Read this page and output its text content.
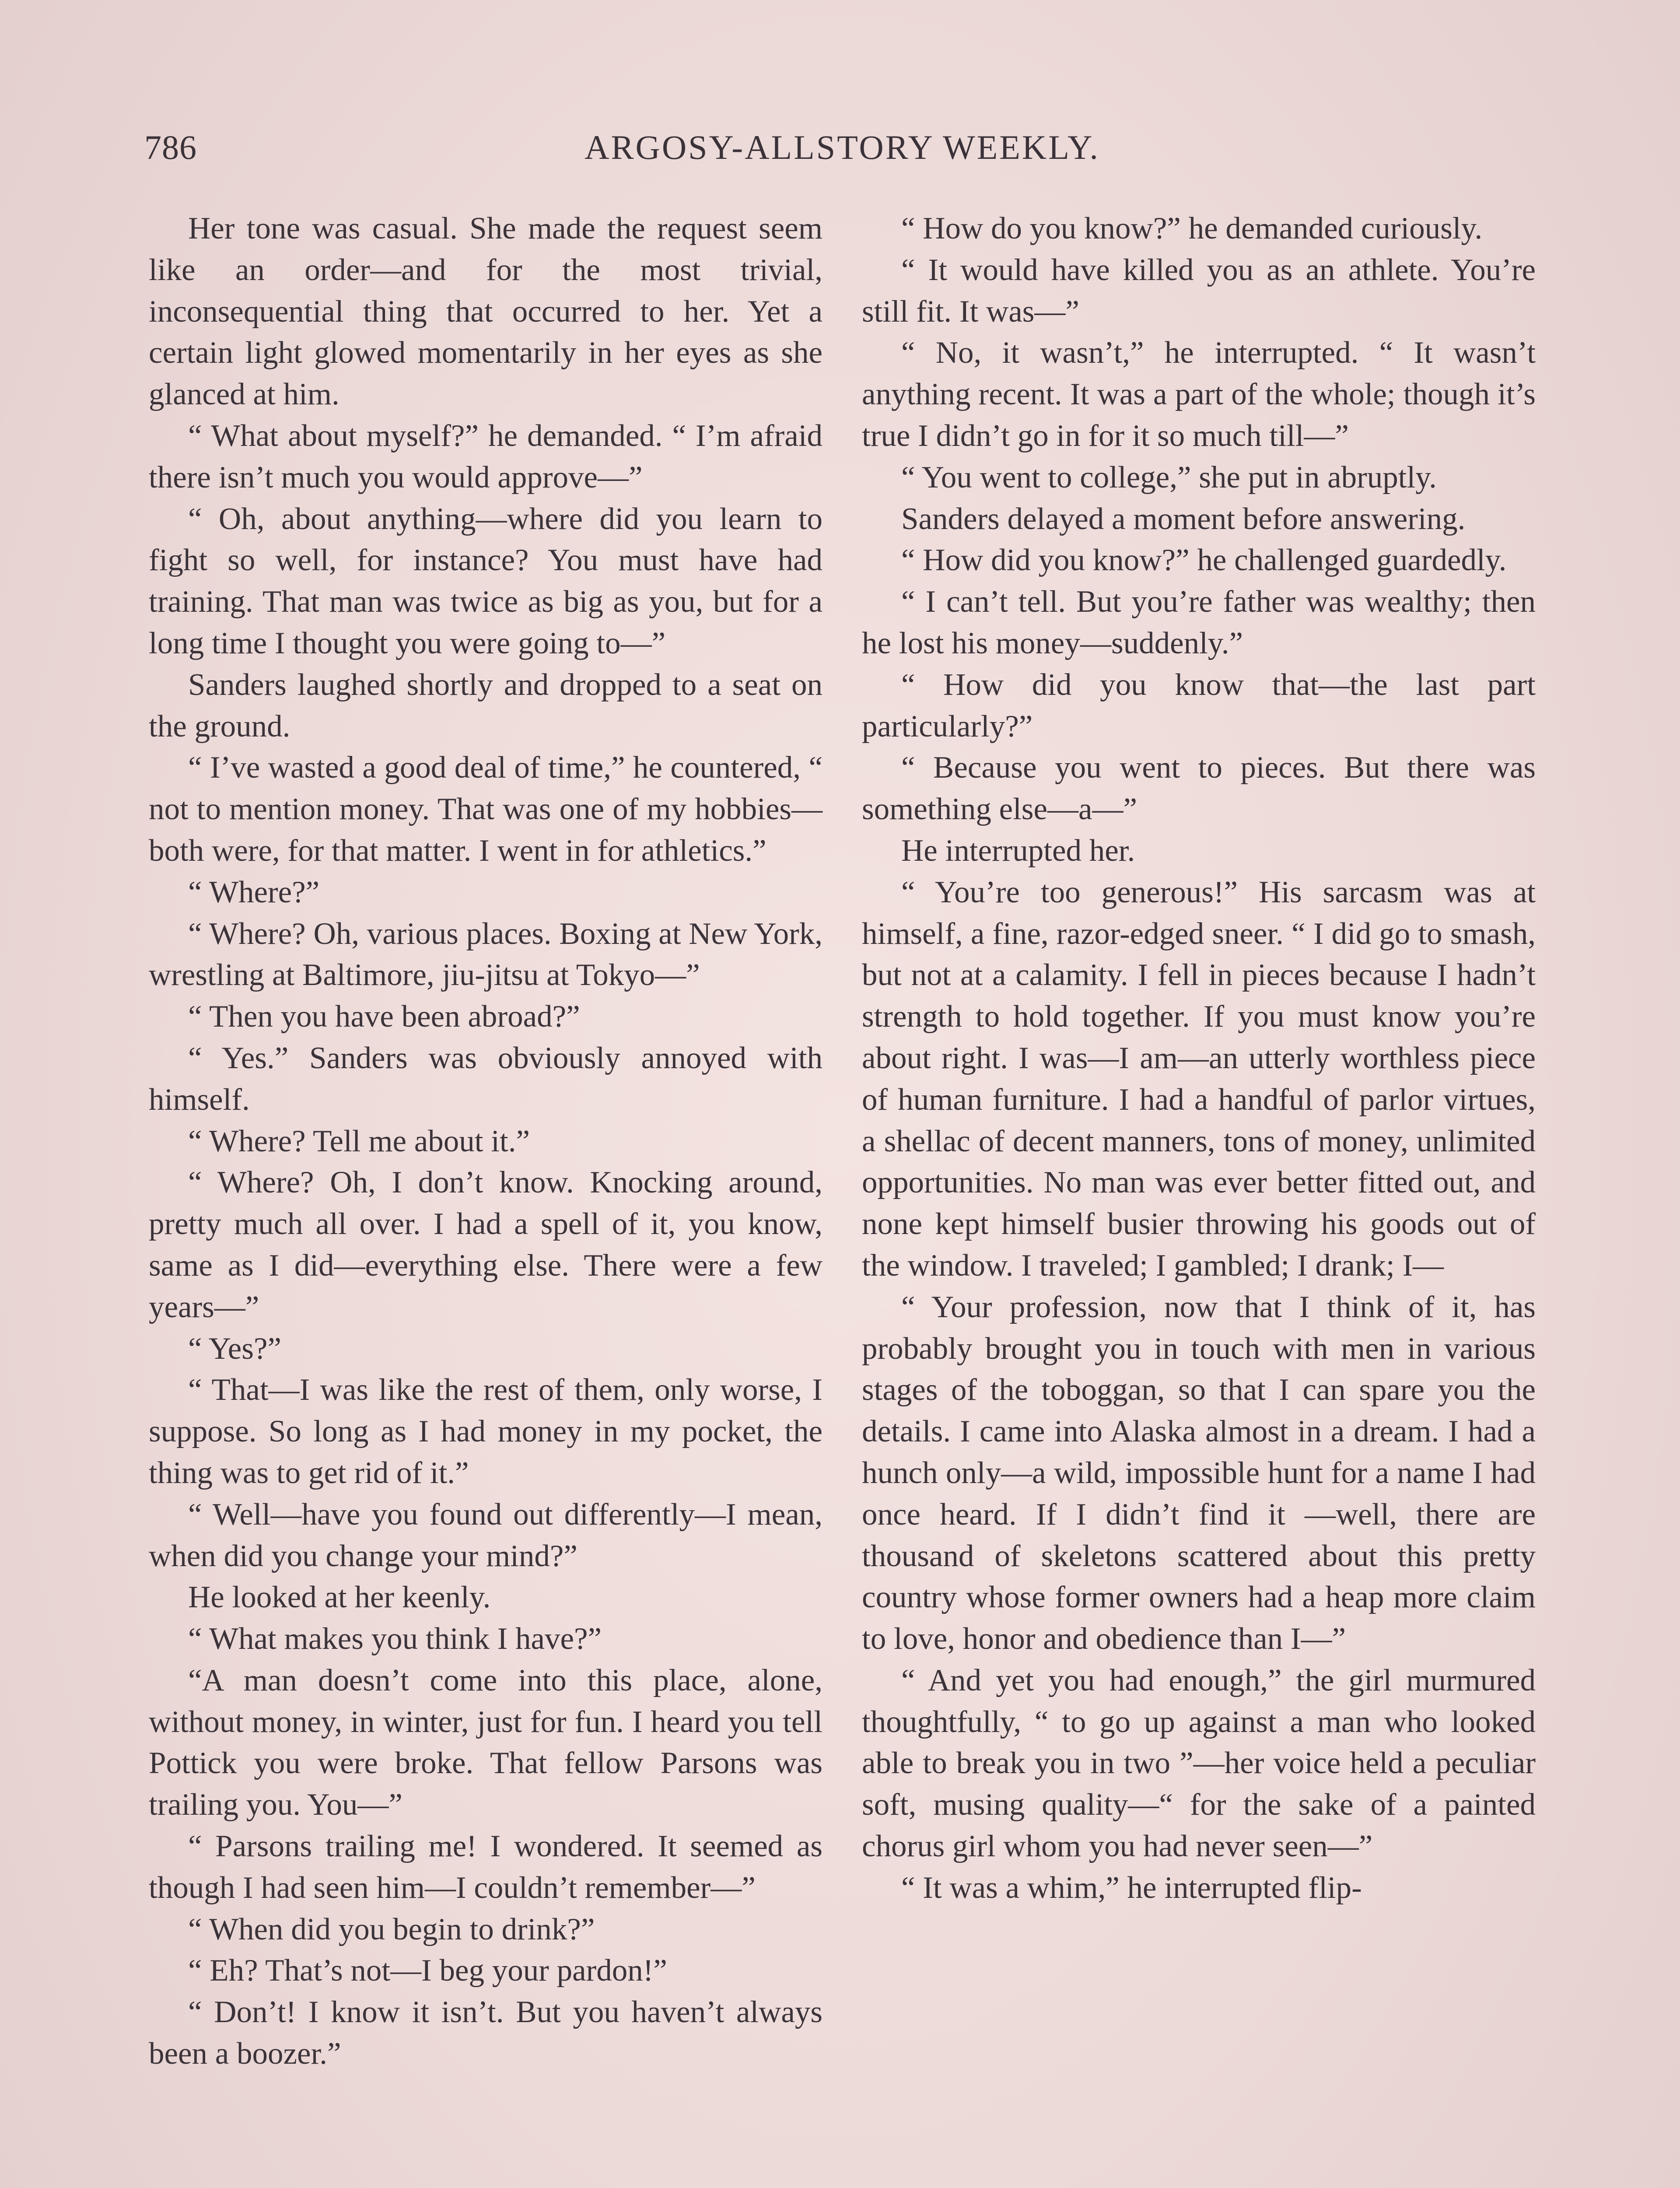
786	ARGOSY-ALLSTORY WEEKLY.

Her tone was casual. She made the request seem like an order—and for the most trivial, inconsequential thing that occurred to her. Yet a certain light glowed momentarily in her eyes as she glanced at him.

“ What about myself?” he demanded. “ I’m afraid there isn’t much you would approve—”

“ Oh, about anything—where did you learn to fight so well, for instance? You must have had training. That man was twice as big as you, but for a long time I thought you were going to—”

Sanders laughed shortly and dropped to a seat on the ground.

“ I’ve wasted a good deal of time,” he countered, “ not to mention money. That was one of my hobbies—both were, for that matter. I went in for athletics.”

“ Where?”

“ Where? Oh, various places. Boxing at New York, wrestling at Baltimore, jiu-jitsu at Tokyo—”

“ Then you have been abroad?”

“ Yes.” Sanders was obviously annoyed with himself.

“ Where? Tell me about it.”

“ Where? Oh, I don’t know. Knocking around, pretty much all over. I had a spell of it, you know, same as I did—everything else. There were a few years—”

“ Yes?”

“ That—I was like the rest of them, only worse, I suppose. So long as I had money in my pocket, the thing was to get rid of it.”

“ Well—have you found out differently—I mean, when did you change your mind?”

He looked at her keenly.

“ What makes you think I have?”

“A man doesn’t come into this place, alone, without money, in winter, just for fun. I heard you tell Pottick you were broke. That fellow Parsons was trailing you. You—”

“ Parsons trailing me! I wondered. It seemed as though I had seen him—I couldn’t remember—”

“ When did you begin to drink?”

“ Eh? That’s not—I beg your pardon!”

“ Don’t! I know it isn’t. But you haven’t always been a boozer.”

“ How do you know?” he demanded curiously.

“ It would have killed you as an athlete. You’re still fit. It was—”

“ No, it wasn’t,” he interrupted. “ It wasn’t anything recent. It was a part of the whole; though it’s true I didn’t go in for it so much till—”

“ You went to college,” she put in abruptly.

Sanders delayed a moment before answering.

“ How did you know?” he challenged guardedly.

“ I can’t tell. But you’re father was wealthy; then he lost his money—suddenly.”

“ How did you know that—the last part particularly?”

“ Because you went to pieces. But there was something else—a—”

He interrupted her.

“ You’re too generous!” His sarcasm was at himself, a fine, razor-edged sneer. “ I did go to smash, but not at a calamity. I fell in pieces because I hadn’t strength to hold together. If you must know you’re about right. I was—I am—an utterly worthless piece of human furniture. I had a handful of parlor virtues, a shellac of decent manners, tons of money, unlimited opportunities. No man was ever better fitted out, and none kept himself busier throwing his goods out of the window. I traveled; I gambled; I drank; I—

“ Your profession, now that I think of it, has probably brought you in touch with men in various stages of the toboggan, so that I can spare you the details. I came into Alaska almost in a dream. I had a hunch only—a wild, impossible hunt for a name I had once heard. If I didn’t find it —well, there are thousand of skeletons scattered about this pretty country whose former owners had a heap more claim to love, honor and obedience than I—”

“ And yet you had enough,” the girl murmured thoughtfully, “ to go up against a man who looked able to break you in two ”—her voice held a peculiar soft, musing quality—“ for the sake of a painted chorus girl whom you had never seen—”

“ It was a whim,” he interrupted flip-
